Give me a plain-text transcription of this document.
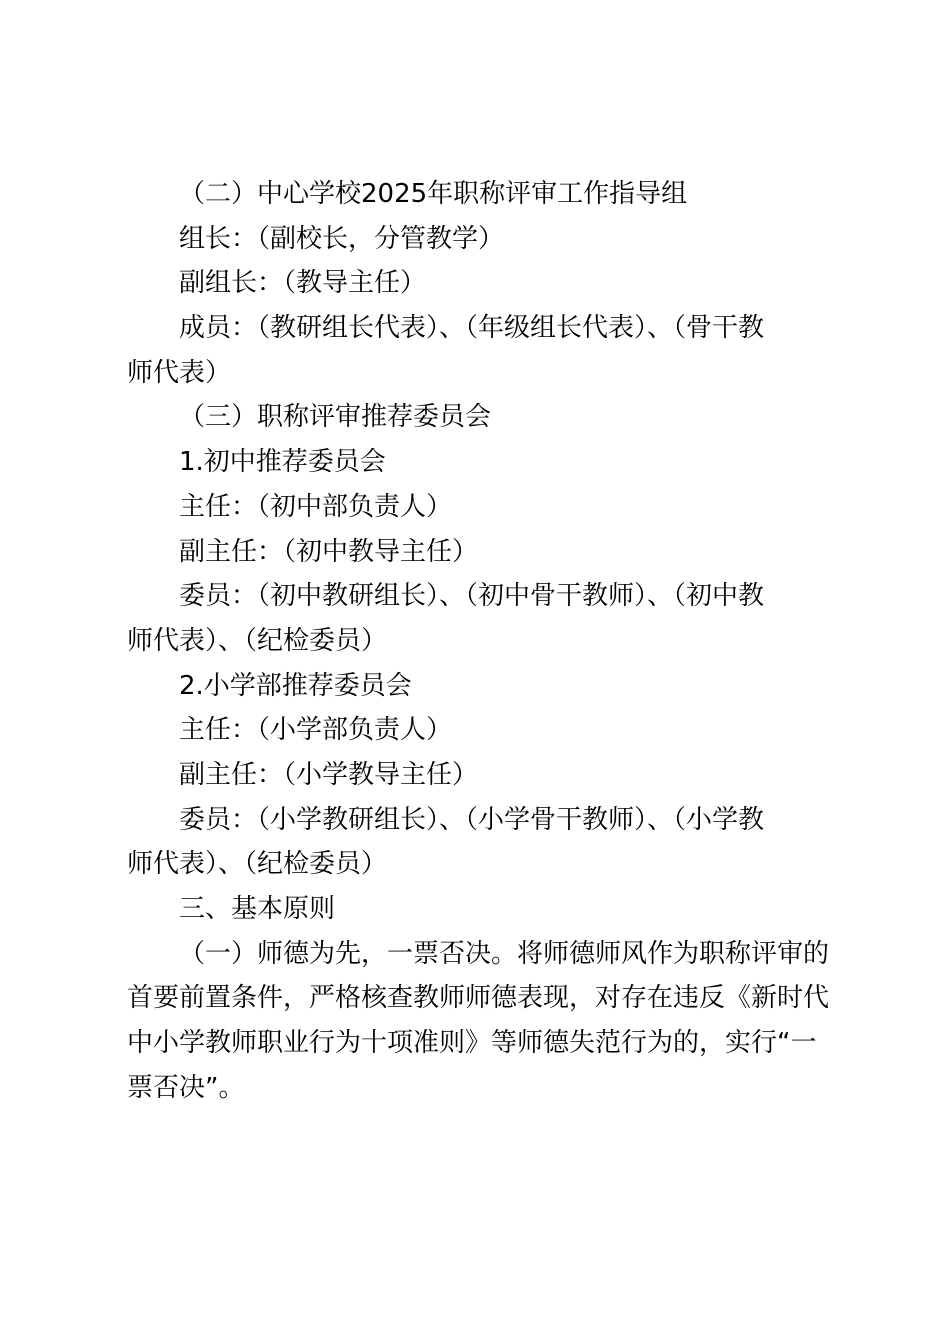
（二）中心学校2025年职称评审工作指导组
组长：（副校长，分管教学）
副组长：（教导主任）
成员：（教研组长代表）、（年级组长代表）、（骨干教
师代表）
（三）职称评审推荐委员会
1.初中推荐委员会
主任：（初中部负责人）
副主任：（初中教导主任）
委员：（初中教研组长）、（初中骨干教师）、（初中教
师代表）、（纪检委员）
2.小学部推荐委员会
主任：（小学部负责人）
副主任：（小学教导主任）
委员：（小学教研组长）、（小学骨干教师）、（小学教
师代表）、（纪检委员）
三、基本原则
（一）师德为先，一票否决。将师德师风作为职称评审的
首要前置条件，严格核查教师师德表现，对存在违反《新时代
中小学教师职业行为十项准则》等师德失范行为的，实行“一
票否决”。
